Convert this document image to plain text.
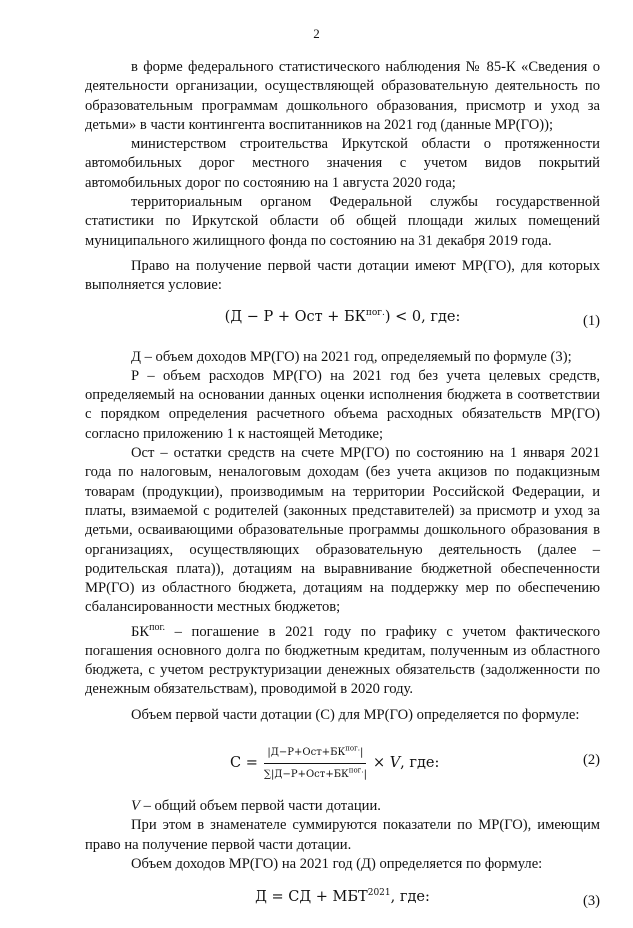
2

в форме федерального статистического наблюдения № 85-К «Сведения о деятельности организации, осуществляющей образовательную деятельность по образовательным программам дошкольного образования, присмотр и уход за детьми» в части контингента воспитанников на 2021 год (данные МР(ГО));

министерством строительства Иркутской области о протяженности автомобильных дорог местного значения с учетом видов покрытий автомобильных дорог по состоянию на 1 августа 2020 года;

территориальным органом Федеральной службы государственной статистики по Иркутской области об общей площади жилых помещений муниципального жилищного фонда по состоянию на 31 декабря 2019 года.

Право на получение первой части дотации имеют МР(ГО), для которых выполняется условие:

(Д − Р + Ост + $БК^{пог.}) < 0$, где:	(1)

Д – объем доходов МР(ГО) на 2021 год, определяемый по формуле (3);

Р – объем расходов МР(ГО) на 2021 год без учета целевых средств, определяемый на основании данных оценки исполнения бюджета в соответствии с порядком определения расчетного объема расходных обязательств МР(ГО) согласно приложению 1 к настоящей Методике;

Ост – остатки средств на счете МР(ГО) по состоянию на 1 января 2021 года по налоговым, неналоговым доходам (без учета акцизов по подакцизным товарам (продукции), производимым на территории Российской Федерации, и платы, взимаемой с родителей (законных представителей) за присмотр и уход за детьми, осваивающими образовательные программы дошкольного образования в организациях, осуществляющих образовательную деятельность (далее – родительская плата)), дотациям на выравнивание бюджетной обеспеченности МР(ГО) из областного бюджета, дотациям на поддержку мер по обеспечению сбалансированности местных бюджетов;

$БК^{пог.}$ – погашение в 2021 году по графику с учетом фактического погашения основного долга по бюджетным кредитам, полученным из областного бюджета, с учетом реструктуризации денежных обязательств (задолженности по денежным обязательствам), проводимой в 2020 году.

Объем первой части дотации (С) для МР(ГО) определяется по формуле:

$С = \frac{|Д-Р+Ост+БК^{пог.}|}{\sum|Д-Р+Ост+БК^{пог.}|} \times V$ , где:	(2)

V – общий объем первой части дотации.

При этом в знаменателе суммируются показатели по МР(ГО), имеющим право на получение первой части дотации.

Объем доходов МР(ГО) на 2021 год (Д) определяется по формуле:

Д = СД + $МБТ^{2021}$, где:	(3)
